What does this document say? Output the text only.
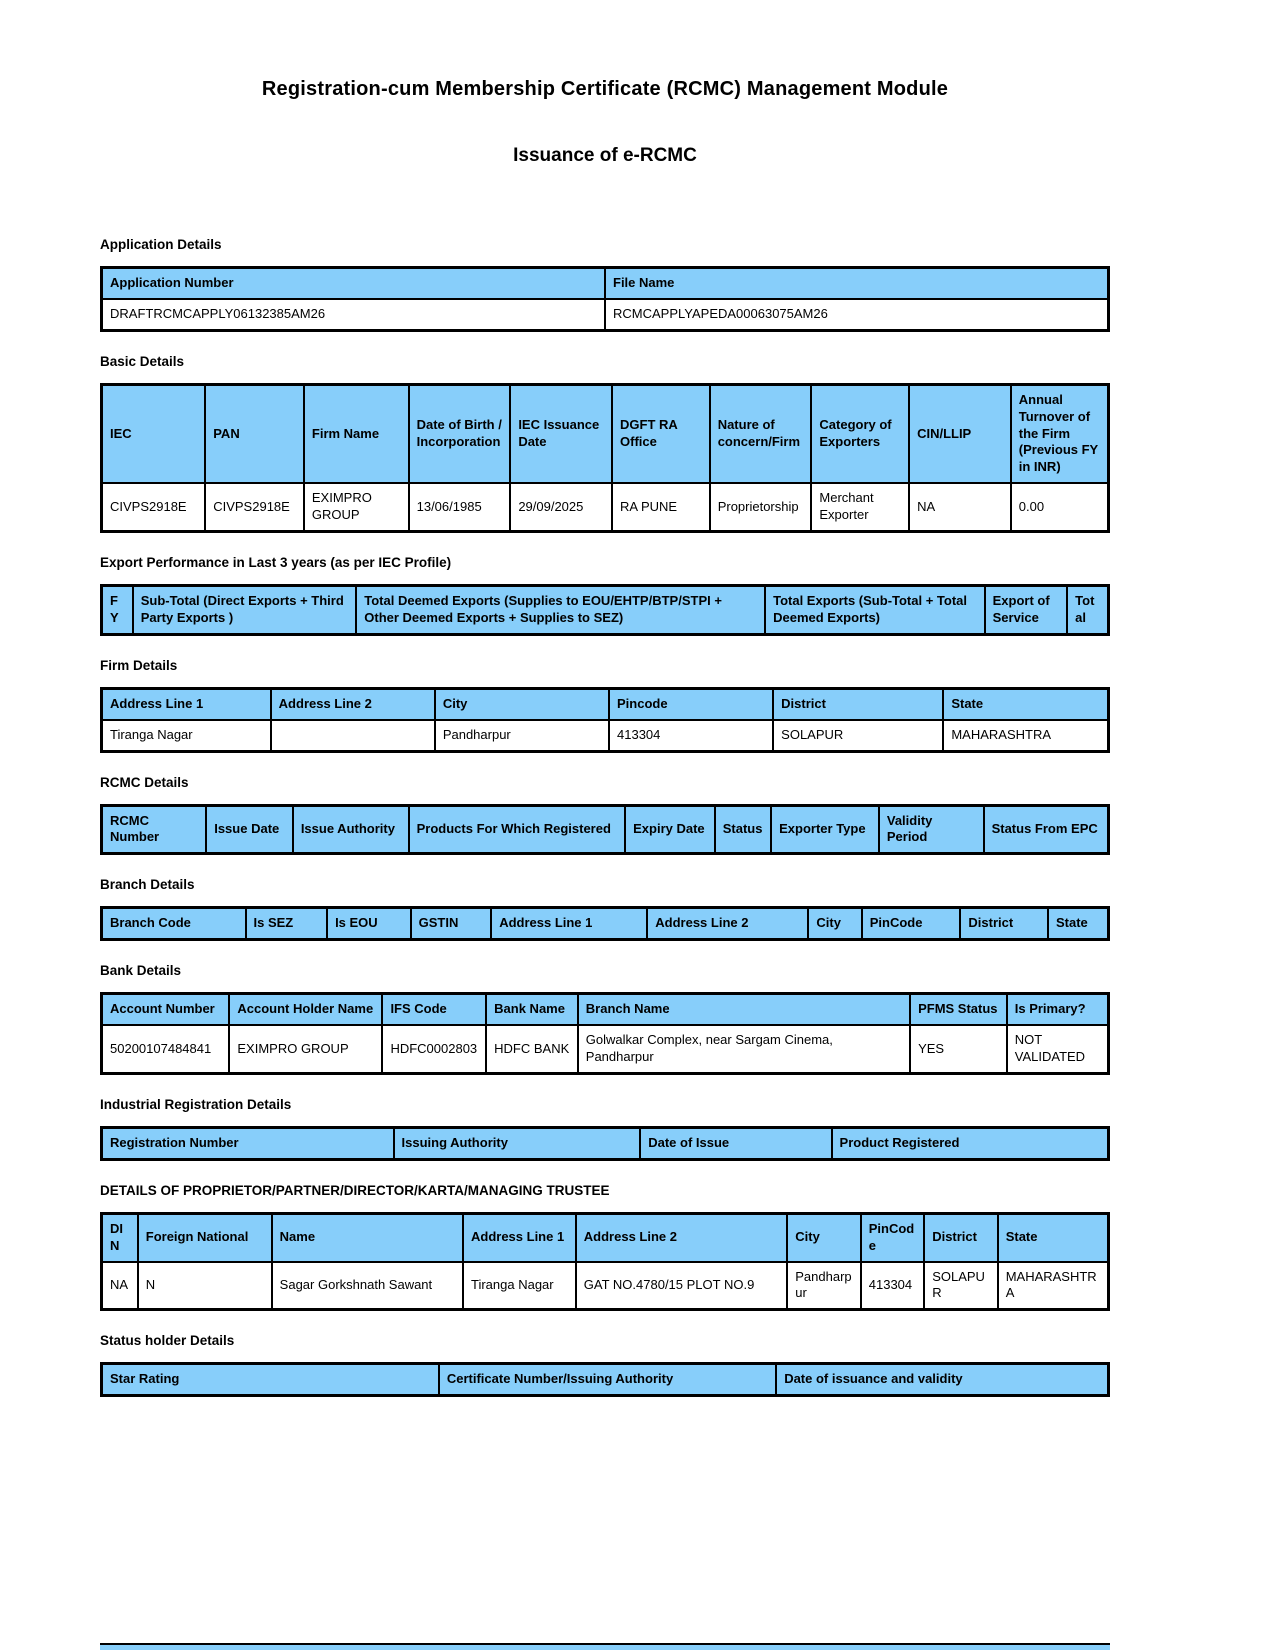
Registration-cum Membership Certificate (RCMC) Management Module
Issuance of e-RCMC
Application Details
Application Number	File Name
DRAFTRCMCAPPLY06132385AM26	RCMCAPPLYAPEDA00063075AM26
Basic Details
IEC	PAN	Firm Name	Date of Birth / Incorporation	IEC Issuance Date	DGFT RA Office	Nature of concern/Firm	Category of Exporters	CIN/LLIP	Annual Turnover of the Firm (Previous FY in INR)
CIVPS2918E	CIVPS2918E	EXIMPRO GROUP	13/06/1985	29/09/2025	RA PUNE	Proprietorship	Merchant Exporter	NA	0.00
Export Performance in Last 3 years (as per IEC Profile)
FY	Sub-Total (Direct Exports + Third Party Exports )	Total Deemed Exports (Supplies to EOU/EHTP/BTP/STPI + Other Deemed Exports + Supplies to SEZ)	Total Exports (Sub-Total + Total Deemed Exports)	Export of Service	Total
Firm Details
Address Line 1	Address Line 2	City	Pincode	District	State
Tiranga Nagar		Pandharpur	413304	SOLAPUR	MAHARASHTRA
RCMC Details
RCMC Number	Issue Date	Issue Authority	Products For Which Registered	Expiry Date	Status	Exporter Type	Validity Period	Status From EPC
Branch Details
Branch Code	Is SEZ	Is EOU	GSTIN	Address Line 1	Address Line 2	City	PinCode	District	State
Bank Details
Account Number	Account Holder Name	IFS Code	Bank Name	Branch Name	PFMS Status	Is Primary?
50200107484841	EXIMPRO GROUP	HDFC0002803	HDFC BANK	Golwalkar Complex, near Sargam Cinema, Pandharpur	YES	NOT VALIDATED
Industrial Registration Details
Registration Number	Issuing Authority	Date of Issue	Product Registered
DETAILS OF PROPRIETOR/PARTNER/DIRECTOR/KARTA/MANAGING TRUSTEE
DIN	Foreign National	Name	Address Line 1	Address Line 2	City	PinCode	District	State
NA	N	Sagar Gorkshnath Sawant	Tiranga Nagar	GAT NO.4780/15 PLOT NO.9	Pandharpur	413304	SOLAPUR	MAHARASHTRA
Status holder Details
Star Rating	Certificate Number/Issuing Authority	Date of issuance and validity
